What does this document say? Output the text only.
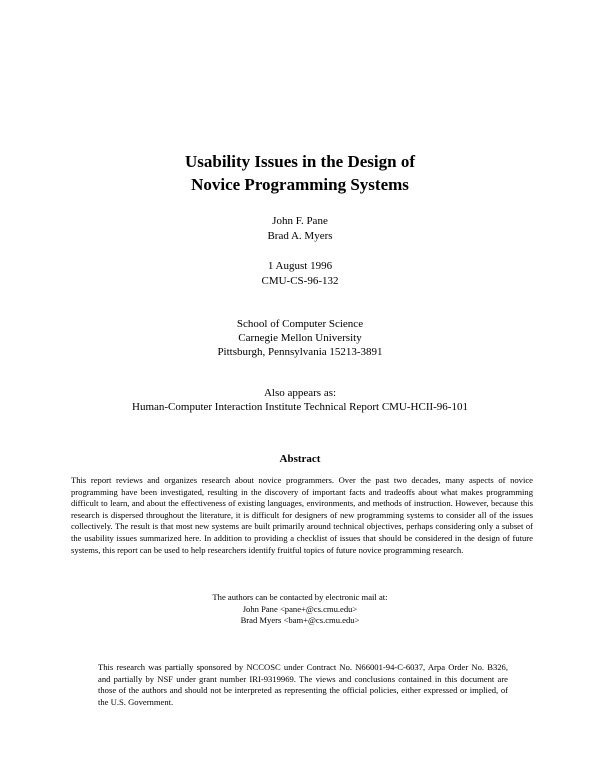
Usability Issues in the Design of
Novice Programming Systems
John F. Pane
Brad A. Myers
1 August 1996
CMU-CS-96-132
School of Computer Science
Carnegie Mellon University
Pittsburgh, Pennsylvania 15213-3891
Also appears as:
Human-Computer Interaction Institute Technical Report CMU-HCII-96-101
Abstract
This report reviews and organizes research about novice programmers. Over the past two decades, many aspects of novice programming have been investigated, resulting in the discovery of important facts and tradeoffs about what makes programming difficult to learn, and about the effectiveness of existing languages, environments, and methods of instruction. However, because this research is dispersed throughout the literature, it is difficult for designers of new programming systems to consider all of the issues collectively. The result is that most new systems are built primarily around technical objectives, perhaps considering only a subset of the usability issues summarized here. In addition to providing a checklist of issues that should be considered in the design of future systems, this report can be used to help researchers identify fruitful topics of future novice programming research.
The authors can be contacted by electronic mail at:
John Pane <pane+@cs.cmu.edu>
Brad Myers <bam+@cs.cmu.edu>
This research was partially sponsored by NCCOSC under Contract No. N66001-94-C-6037, Arpa Order No. B326, and partially by NSF under grant number IRI-9319969. The views and conclusions contained in this document are those of the authors and should not be interpreted as representing the official policies, either expressed or implied, of the U.S. Government.
